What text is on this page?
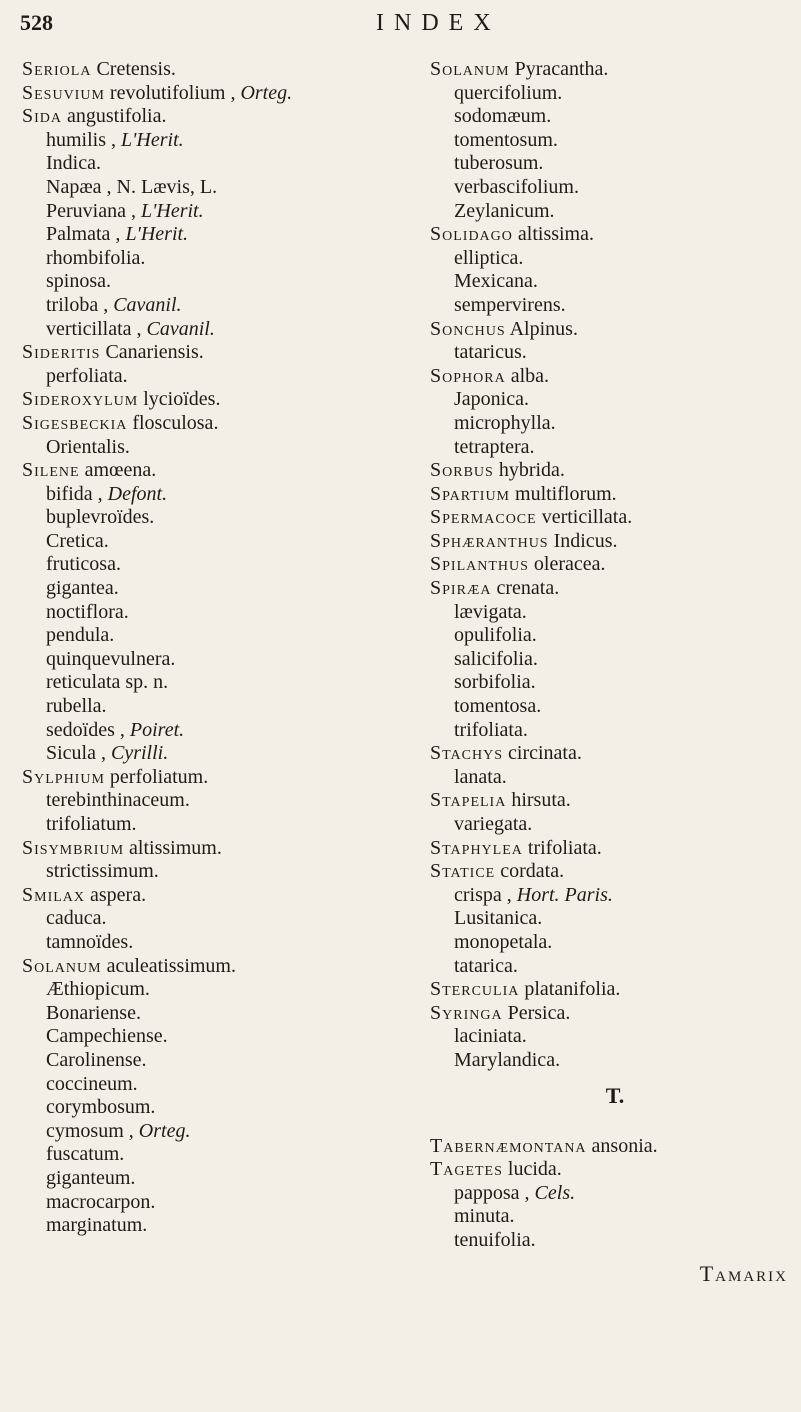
528	INDEX
Seriola Cretensis.
Sesuvium revolutifolium , Orteg.
Sida angustifolia.
humilis , L'Herit.
Indica.
Napæa , N. Lævis, L.
Peruviana , L'Herit.
Palmata , L'Herit.
rhombifolia.
spinosa.
triloba , Cavanil.
verticillata , Cavanil.
Sideritis Canariensis.
perfoliata.
Sideroxylum lycioïdes.
Sigesbeckia flosculosa.
Orientalis.
Silene amœena.
bifida , Defont.
buplevroïdes.
Cretica.
fruticosa.
gigantea.
noctiflora.
pendula.
quinquevulnera.
reticulata sp. n.
rubella.
sedoïdes , Poiret.
Sicula , Cyrilli.
Sylphium perfoliatum.
terebinthinaceum.
trifoliatum.
Sisymbrium altissimum.
strictissimum.
Smilax aspera.
caduca.
tamnoïdes.
Solanum aculeatissimum.
Æthiopicum.
Bonariense.
Campechiense.
Carolinense.
coccineum.
corymbosum.
cymosum , Orteg.
fuscatum.
giganteum.
macrocarpon.
marginatum.
Solanum Pyracantha.
quercifolium.
sodomæum.
tomentosum.
tuberosum.
verbascifolium.
Zeylanicum.
Solidago altissima.
elliptica.
Mexicana.
sempervirens.
Sonchus Alpinus.
tataricus.
Sophora alba.
Japonica.
microphylla.
tetraptera.
Sorbus hybrida.
Spartium multiflorum.
Spermacoce verticillata.
Sphæranthus Indicus.
Spilanthus oleracea.
Spiræa crenata.
lævigata.
opulifolia.
salicifolia.
sorbifolia.
tomentosa.
trifoliata.
Stachys circinata.
lanata.
Stapelia hirsuta.
variegata.
Staphylea trifoliata.
Statice cordata.
crispa , Hort. Paris.
Lusitanica.
monopetala.
tatarica.
Sterculia platanifolia.
Syringa Persica.
laciniata.
Marylandica.
T.
Tabernæmontana ansonia.
Tagetes lucida.
papposa , Cels.
minuta.
tenuifolia.
Tamarix
